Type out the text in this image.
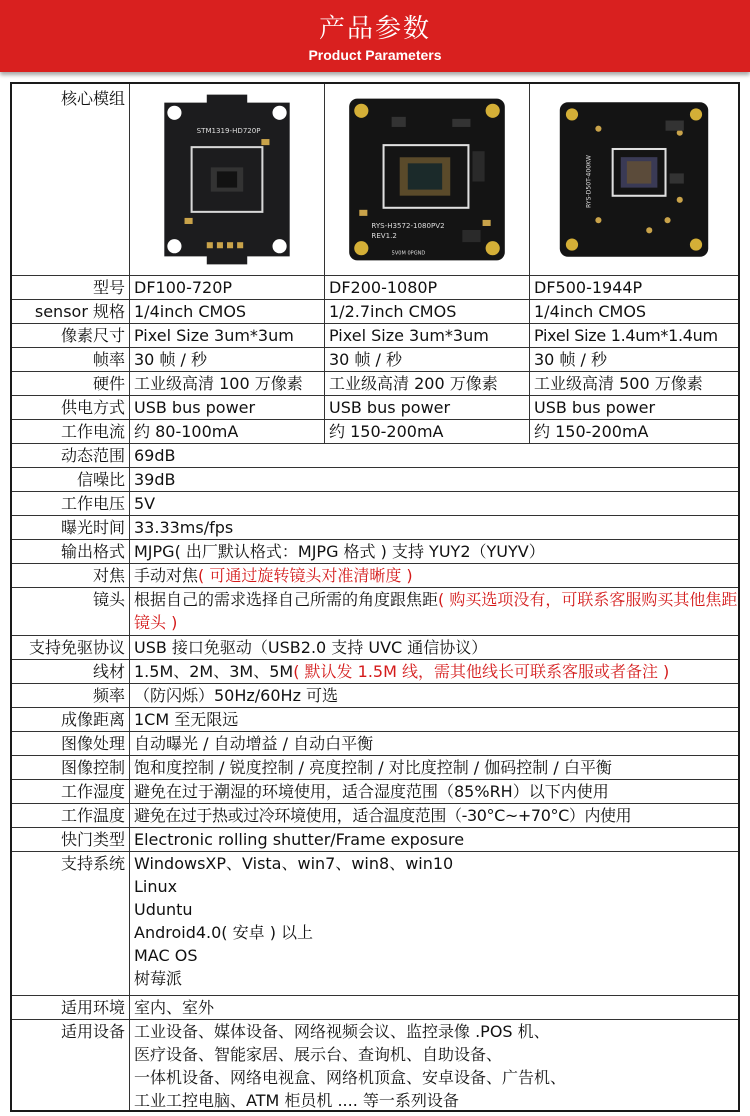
产品参数
Product Parameters
核心模组
STM1319-HD720P
RYS-H3572-1080PV2
REV1.2
5V0M 0PGND
RYS-D50T-400KW
型号 DF100-720P	DF200-1080P	DF500-1944P
sensor 规格 1/4inch CMOS	1/2.7inch CMOS	1/4inch CMOS
像素尺寸 Pixel Size 3um*3um	Pixel Size 3um*3um	Pixel Size 1.4um*1.4um
帧率 30 帧 / 秒	30 帧 / 秒	30 帧 / 秒
硬件 工业级高清 100 万像素	工业级高清 200 万像素	工业级高清 500 万像素
供电方式 USB bus power	USB bus power	USB bus power
工作电流 约 80-100mA	约 150-200mA	约 150-200mA
动态范围 69dB
信噪比 39dB
工作电压 5V
曝光时间 33.33ms/fps
输出格式 MJPG( 出厂默认格式：MJPG 格式 ) 支持 YUY2（YUYV）
对焦 手动对焦( 可通过旋转镜头对准清晰度 )
镜头 根据自己的需求选择自己所需的角度跟焦距( 购买选项没有，可联系客服购买其他焦距镜头 )
支持免驱协议 USB 接口免驱动（USB2.0 支持 UVC 通信协议）
线材 1.5M、2M、3M、5M( 默认发 1.5M 线，需其他线长可联系客服或者备注 )
频率 （防闪烁）50Hz/60Hz 可选
成像距离 1CM 至无限远
图像处理 自动曝光 / 自动增益 / 自动白平衡
图像控制 饱和度控制 / 锐度控制 / 亮度控制 / 对比度控制 / 伽码控制 / 白平衡
工作湿度 避免在过于潮湿的环境使用，适合湿度范围（85%RH）以下内使用
工作温度 避免在过于热或过冷环境使用，适合温度范围（-30°C~+70°C）内使用
快门类型 Electronic rolling shutter/Frame exposure
支持系统 WindowsXP、Vista、win7、win8、win10
Linux
Uduntu
Android4.0( 安卓 ) 以上
MAC OS
树莓派
适用环境 室内、室外
适用设备 工业设备、媒体设备、网络视频会议、监控录像 .POS 机、
医疗设备、智能家居、展示台、查询机、自助设备、
一体机设备、网络电视盒、网络机顶盒、安卓设备、广告机、
工业工控电脑、ATM 柜员机 .... 等一系列设备
